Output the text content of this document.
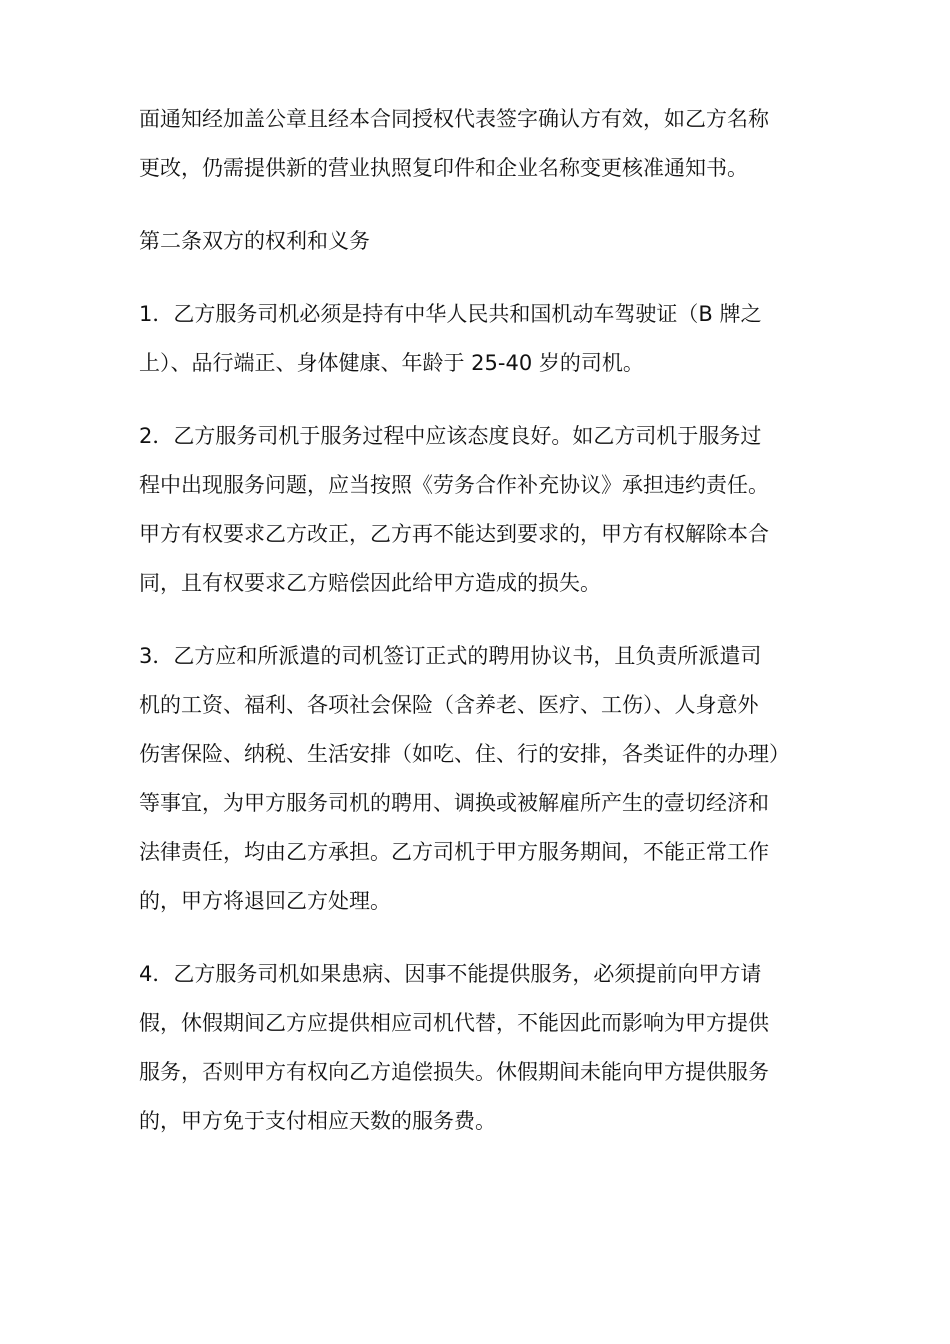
面通知经加盖公章且经本合同授权代表签字确认方有效，如乙方名称
更改，仍需提供新的营业执照复印件和企业名称变更核准通知书。

第二条双方的权利和义务

1．乙方服务司机必须是持有中华人民共和国机动车驾驶证（B 牌之
上）、品行端正、身体健康、年龄于 25-40 岁的司机。

2．乙方服务司机于服务过程中应该态度良好。如乙方司机于服务过
程中出现服务问题，应当按照《劳务合作补充协议》承担违约责任。
甲方有权要求乙方改正，乙方再不能达到要求的，甲方有权解除本合
同，且有权要求乙方赔偿因此给甲方造成的损失。

3．乙方应和所派遣的司机签订正式的聘用协议书，且负责所派遣司
机的工资、福利、各项社会保险（含养老、医疗、工伤）、人身意外
伤害保险、纳税、生活安排（如吃、住、行的安排，各类证件的办理）
等事宜，为甲方服务司机的聘用、调换或被解雇所产生的壹切经济和
法律责任，均由乙方承担。乙方司机于甲方服务期间，不能正常工作
的，甲方将退回乙方处理。

4．乙方服务司机如果患病、因事不能提供服务，必须提前向甲方请
假，休假期间乙方应提供相应司机代替，不能因此而影响为甲方提供
服务，否则甲方有权向乙方追偿损失。休假期间未能向甲方提供服务
的，甲方免于支付相应天数的服务费。
